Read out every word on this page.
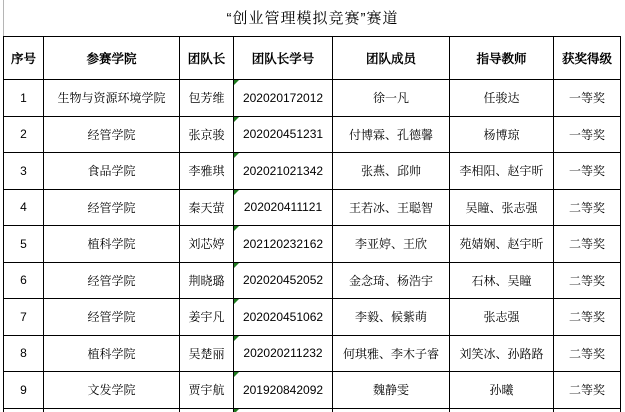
“创业管理模拟竞赛”赛道
序号	参赛学院	团队长	团队长学号	团队成员	指导教师	获奖得级
1	生物与资源环境学院	包芳维	202020172012	徐一凡	任骏达	一等奖
2	经管学院	张京骏	202020451231	付博霖、孔德馨	杨博琼	一等奖
3	食品学院	李雅琪	202021021342	张燕、邱帅	李相阳、赵宇昕	一等奖
4	经管学院	秦天萤	202020411121	王若冰、王聪智	吴瞳、张志强	二等奖
5	植科学院	刘芯婷	202120232162	李亚婷、王欣	苑婧娴、赵宇昕	二等奖
6	经管学院	荆晓璐	202020452052	金念琦、杨浩宇	石林、吴瞳	二等奖
7	经管学院	姜宇凡	202020451062	李毅、候紫萌	张志强	二等奖
8	植科学院	吴楚丽	202020211232	何琪雅、李木子睿	刘笑冰、孙路路	二等奖
9	文发学院	贾宇航	201920842092	魏静雯	孙曦	二等奖
